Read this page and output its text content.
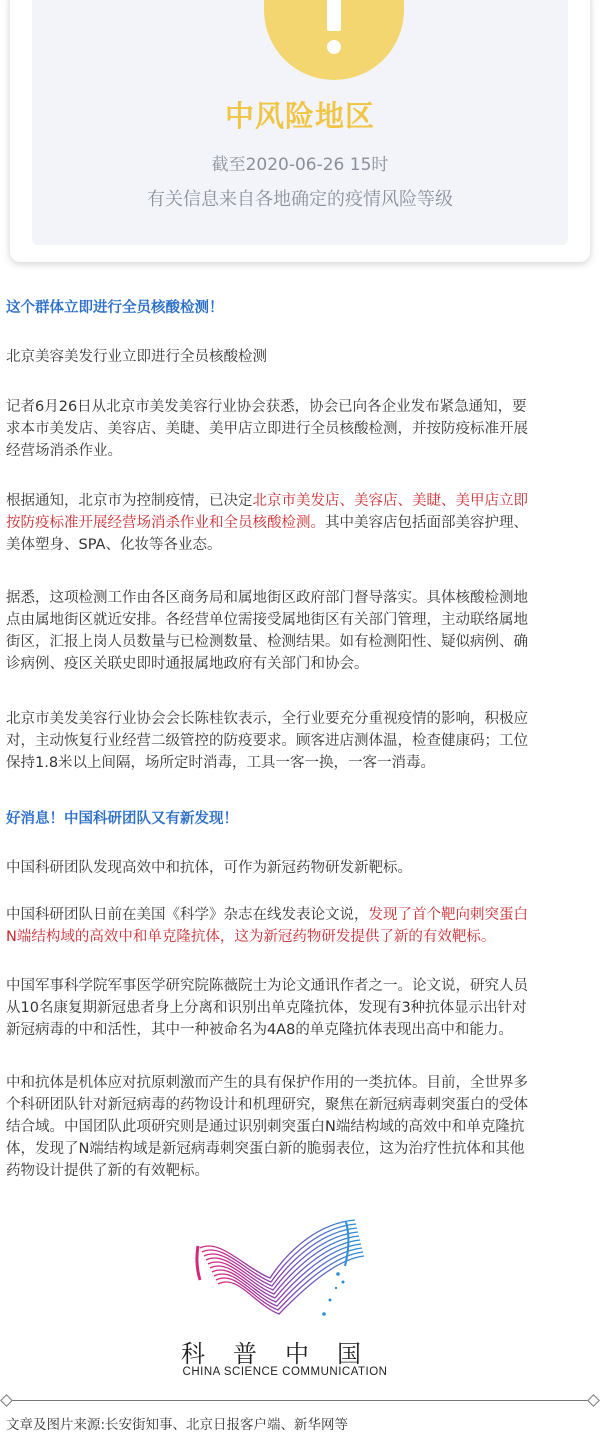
中风险地区
截至2020-06-26 15时
有关信息来自各地确定的疫情风险等级

这个群体立即进行全员核酸检测！

北京美容美发行业立即进行全员核酸检测

记者6月26日从北京市美发美容行业协会获悉，协会已向各企业发布紧急通知，要
求本市美发店、美容店、美睫、美甲店立即进行全员核酸检测，并按防疫标准开展
经营场消杀作业。

根据通知，北京市为控制疫情，已决定北京市美发店、美容店、美睫、美甲店立即
按防疫标准开展经营场消杀作业和全员核酸检测。其中美容店包括面部美容护理、
美体塑身、SPA、化妆等各业态。

据悉，这项检测工作由各区商务局和属地街区政府部门督导落实。具体核酸检测地
点由属地街区就近安排。各经营单位需接受属地街区有关部门管理，主动联络属地
街区，汇报上岗人员数量与已检测数量、检测结果。如有检测阳性、疑似病例、确
诊病例、疫区关联史即时通报属地政府有关部门和协会。

北京市美发美容行业协会会长陈桂钦表示，全行业要充分重视疫情的影响，积极应
对，主动恢复行业经营二级管控的防疫要求。顾客进店测体温，检查健康码；工位
保持1.8米以上间隔，场所定时消毒，工具一客一换，一客一消毒。

好消息！中国科研团队又有新发现！

中国科研团队发现高效中和抗体，可作为新冠药物研发新靶标。

中国科研团队日前在美国《科学》杂志在线发表论文说，发现了首个靶向刺突蛋白
N端结构域的高效中和单克隆抗体，这为新冠药物研发提供了新的有效靶标。

中国军事科学院军事医学研究院陈薇院士为论文通讯作者之一。论文说，研究人员
从10名康复期新冠患者身上分离和识别出单克隆抗体，发现有3种抗体显示出针对
新冠病毒的中和活性，其中一种被命名为4A8的单克隆抗体表现出高中和能力。

中和抗体是机体应对抗原刺激而产生的具有保护作用的一类抗体。目前，全世界多
个科研团队针对新冠病毒的药物设计和机理研究，聚焦在新冠病毒刺突蛋白的受体
结合域。中国团队此项研究则是通过识别刺突蛋白N端结构域的高效中和单克隆抗
体，发现了N端结构域是新冠病毒刺突蛋白新的脆弱表位，这为治疗性抗体和其他
药物设计提供了新的有效靶标。

科普中国
CHINA SCIENCE COMMUNICATION
文章及图片来源:长安街知事、北京日报客户端、新华网等
